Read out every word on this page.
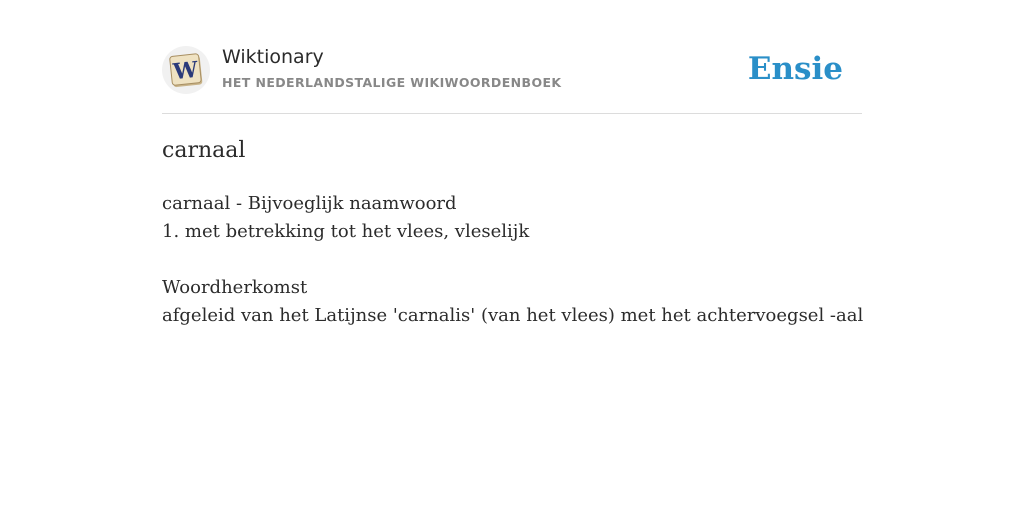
W Wiktionary
HET NEDERLANDSTALIGE WIKIWOORDENBOEK	Ensie
carnaal
carnaal - Bijvoeglijk naamwoord
1. met betrekking tot het vlees, vleselijk
Woordherkomst
afgeleid van het Latijnse 'carnalis' (van het vlees) met het achtervoegsel -aal
